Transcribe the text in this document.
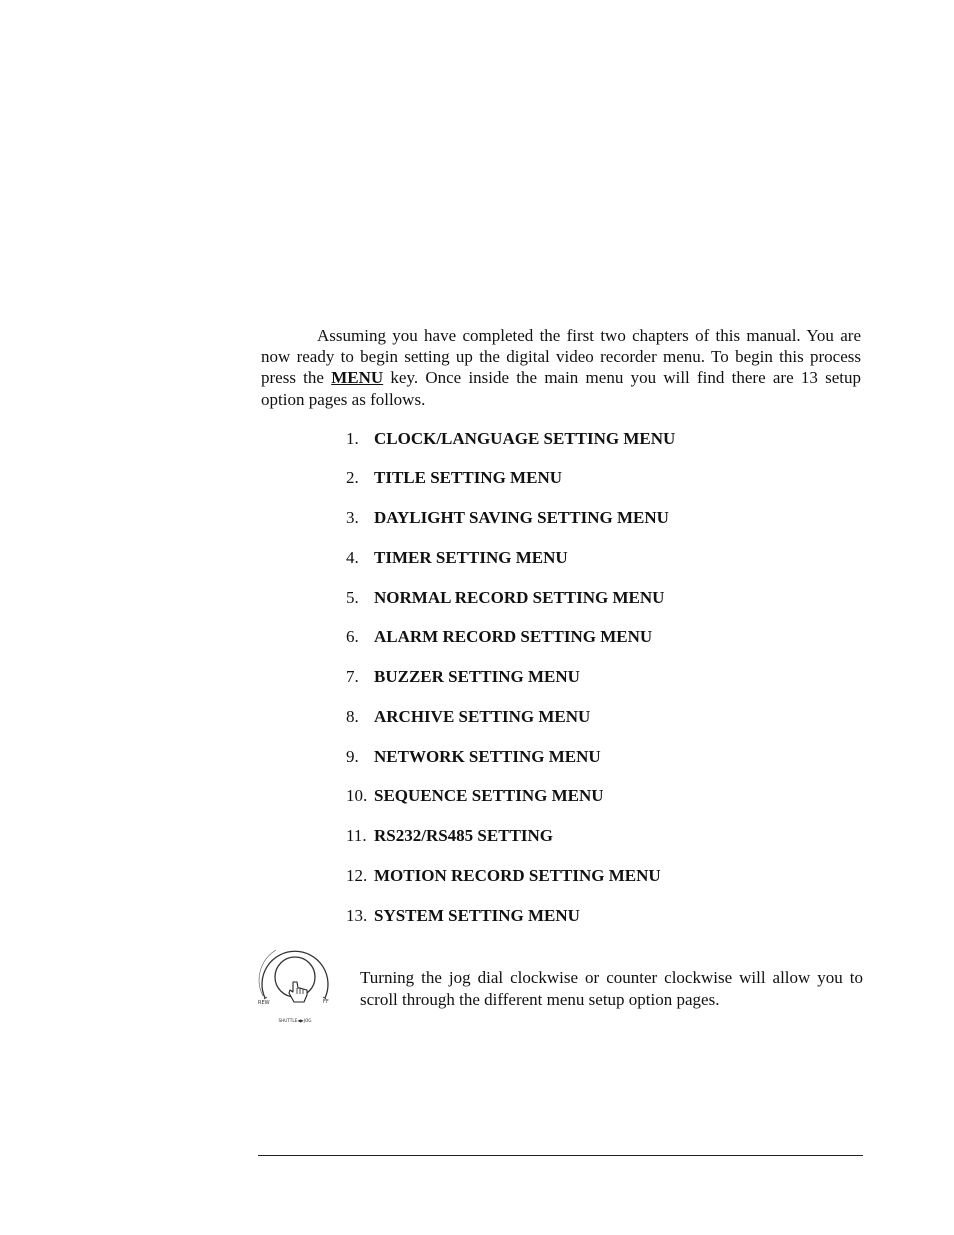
Assuming you have completed the first two chapters of this manual. You are now ready to begin setting up the digital video recorder menu. To begin this process press the MENU key. Once inside the main menu you will find there are 13 setup option pages as follows.

1. CLOCK/LANGUAGE SETTING MENU
2. TITLE SETTING MENU
3. DAYLIGHT SAVING SETTING MENU
4. TIMER SETTING MENU
5. NORMAL RECORD SETTING MENU
6. ALARM RECORD SETTING MENU
7. BUZZER SETTING MENU
8. ARCHIVE SETTING MENU
9. NETWORK SETTING MENU
10. SEQUENCE SETTING MENU
11. RS232/RS485 SETTING
12. MOTION RECORD SETTING MENU
13. SYSTEM SETTING MENU
REW	FF
SHUTTLE◀▶JOG

Turning the jog dial clockwise or counter clockwise will allow you to scroll through the different menu setup option pages.
